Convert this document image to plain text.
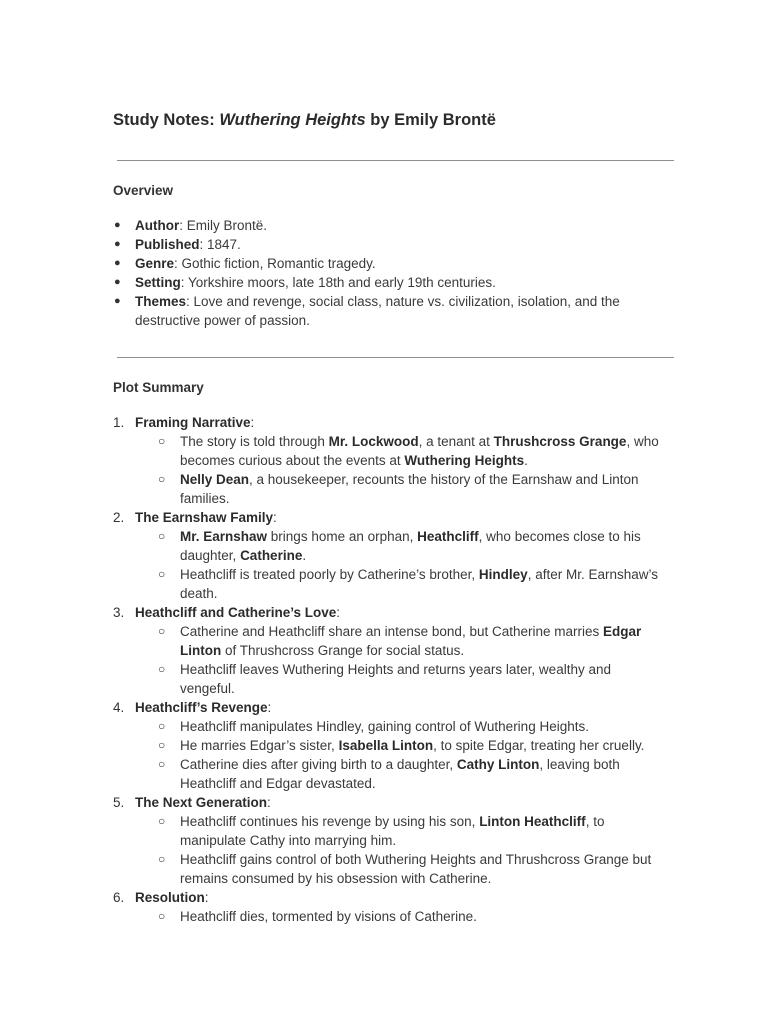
Study Notes: Wuthering Heights by Emily Brontë
Overview
● Author: Emily Brontë.
● Published: 1847.
● Genre: Gothic fiction, Romantic tragedy.
● Setting: Yorkshire moors, late 18th and early 19th centuries.
● Themes: Love and revenge, social class, nature vs. civilization, isolation, and the destructive power of passion.
Plot Summary
1. Framing Narrative:
○ The story is told through Mr. Lockwood, a tenant at Thrushcross Grange, who becomes curious about the events at Wuthering Heights.
○ Nelly Dean, a housekeeper, recounts the history of the Earnshaw and Linton families.
2. The Earnshaw Family:
○ Mr. Earnshaw brings home an orphan, Heathcliff, who becomes close to his daughter, Catherine.
○ Heathcliff is treated poorly by Catherine’s brother, Hindley, after Mr. Earnshaw’s death.
3. Heathcliff and Catherine’s Love:
○ Catherine and Heathcliff share an intense bond, but Catherine marries Edgar Linton of Thrushcross Grange for social status.
○ Heathcliff leaves Wuthering Heights and returns years later, wealthy and vengeful.
4. Heathcliff’s Revenge:
○ Heathcliff manipulates Hindley, gaining control of Wuthering Heights.
○ He marries Edgar’s sister, Isabella Linton, to spite Edgar, treating her cruelly.
○ Catherine dies after giving birth to a daughter, Cathy Linton, leaving both Heathcliff and Edgar devastated.
5. The Next Generation:
○ Heathcliff continues his revenge by using his son, Linton Heathcliff, to manipulate Cathy into marrying him.
○ Heathcliff gains control of both Wuthering Heights and Thrushcross Grange but remains consumed by his obsession with Catherine.
6. Resolution:
○ Heathcliff dies, tormented by visions of Catherine.
